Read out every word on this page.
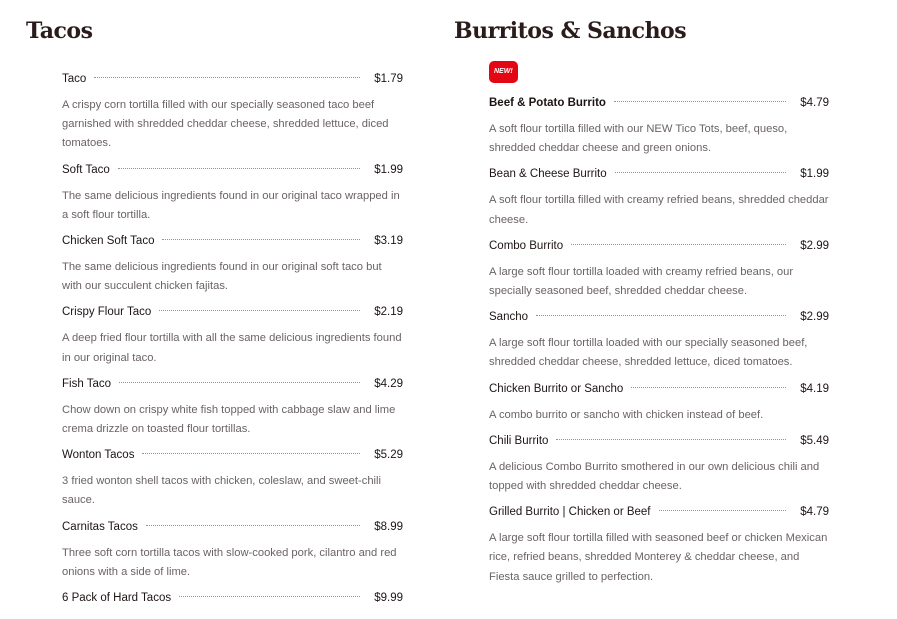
Tacos
Taco	$1.79

A crispy corn tortilla filled with our specially seasoned taco beef garnished with shredded cheddar cheese, shredded lettuce, diced tomatoes.

Soft Taco	$1.99

The same delicious ingredients found in our original taco wrapped in a soft flour tortilla.

Chicken Soft Taco	$3.19

The same delicious ingredients found in our original soft taco but with our succulent chicken fajitas.

Crispy Flour Taco	$2.19

A deep fried flour tortilla with all the same delicious ingredients found in our original taco.

Fish Taco	$4.29

Chow down on crispy white fish topped with cabbage slaw and lime crema drizzle on toasted flour tortillas.

Wonton Tacos	$5.29

3 fried wonton shell tacos with chicken, coleslaw, and sweet-chili sauce.

Carnitas Tacos	$8.99

Three soft corn tortilla tacos with slow-cooked pork, cilantro and red onions with a side of lime.

6 Pack of Hard Tacos	$9.99
Burritos & Sanchos
NEW!
Beef & Potato Burrito	$4.79

A soft flour tortilla filled with our NEW Tico Tots, beef, queso, shredded cheddar cheese and green onions.

Bean & Cheese Burrito	$1.99

A soft flour tortilla filled with creamy refried beans, shredded cheddar cheese.

Combo Burrito	$2.99

A large soft flour tortilla loaded with creamy refried beans, our specially seasoned beef, shredded cheddar cheese.

Sancho	$2.99

A large soft flour tortilla loaded with our specially seasoned beef, shredded cheddar cheese, shredded lettuce, diced tomatoes.

Chicken Burrito or Sancho	$4.19

A combo burrito or sancho with chicken instead of beef.

Chili Burrito	$5.49

A delicious Combo Burrito smothered in our own delicious chili and topped with shredded cheddar cheese.

Grilled Burrito | Chicken or Beef	$4.79

A large soft flour tortilla filled with seasoned beef or chicken Mexican rice, refried beans, shredded Monterey & cheddar cheese, and Fiesta sauce grilled to perfection.
